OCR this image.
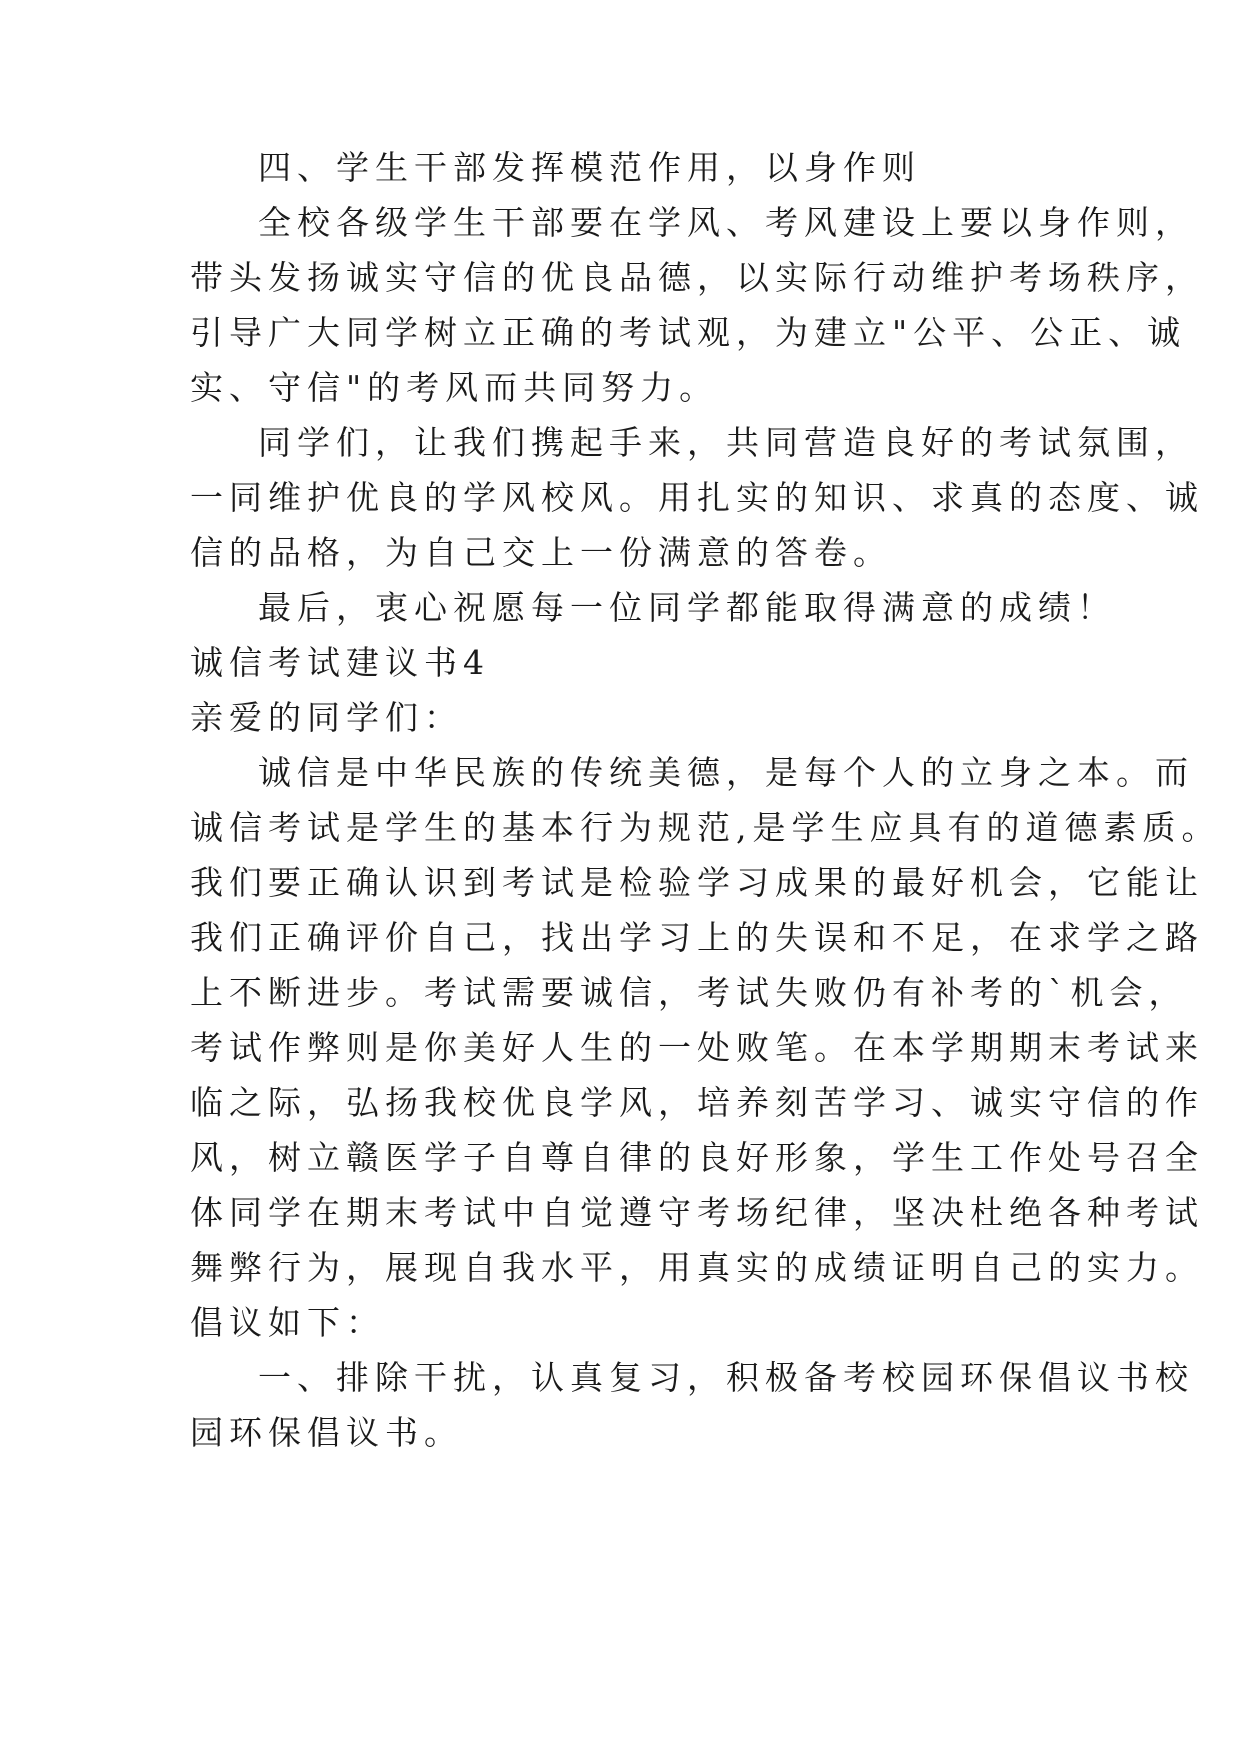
四、学生干部发挥模范作用，以身作则
全校各级学生干部要在学风、考风建设上要以身作则，
带头发扬诚实守信的优良品德，以实际行动维护考场秩序，
引导广大同学树立正确的考试观，为建立"公平、公正、诚
实、守信"的考风而共同努力。
同学们，让我们携起手来，共同营造良好的考试氛围，
一同维护优良的学风校风。用扎实的知识、求真的态度、诚
信的品格，为自己交上一份满意的答卷。
最后，衷心祝愿每一位同学都能取得满意的成绩！
诚信考试建议书4
亲爱的同学们：
诚信是中华民族的传统美德，是每个人的立身之本。而
诚信考试是学生的基本行为规范,是学生应具有的道德素质。
我们要正确认识到考试是检验学习成果的最好机会，它能让
我们正确评价自己，找出学习上的失误和不足，在求学之路
上不断进步。考试需要诚信，考试失败仍有补考的`机会，
考试作弊则是你美好人生的一处败笔。在本学期期末考试来
临之际，弘扬我校优良学风，培养刻苦学习、诚实守信的作
风，树立赣医学子自尊自律的良好形象，学生工作处号召全
体同学在期末考试中自觉遵守考场纪律，坚决杜绝各种考试
舞弊行为，展现自我水平，用真实的成绩证明自己的实力。
倡议如下：
一、排除干扰，认真复习，积极备考校园环保倡议书校
园环保倡议书。
